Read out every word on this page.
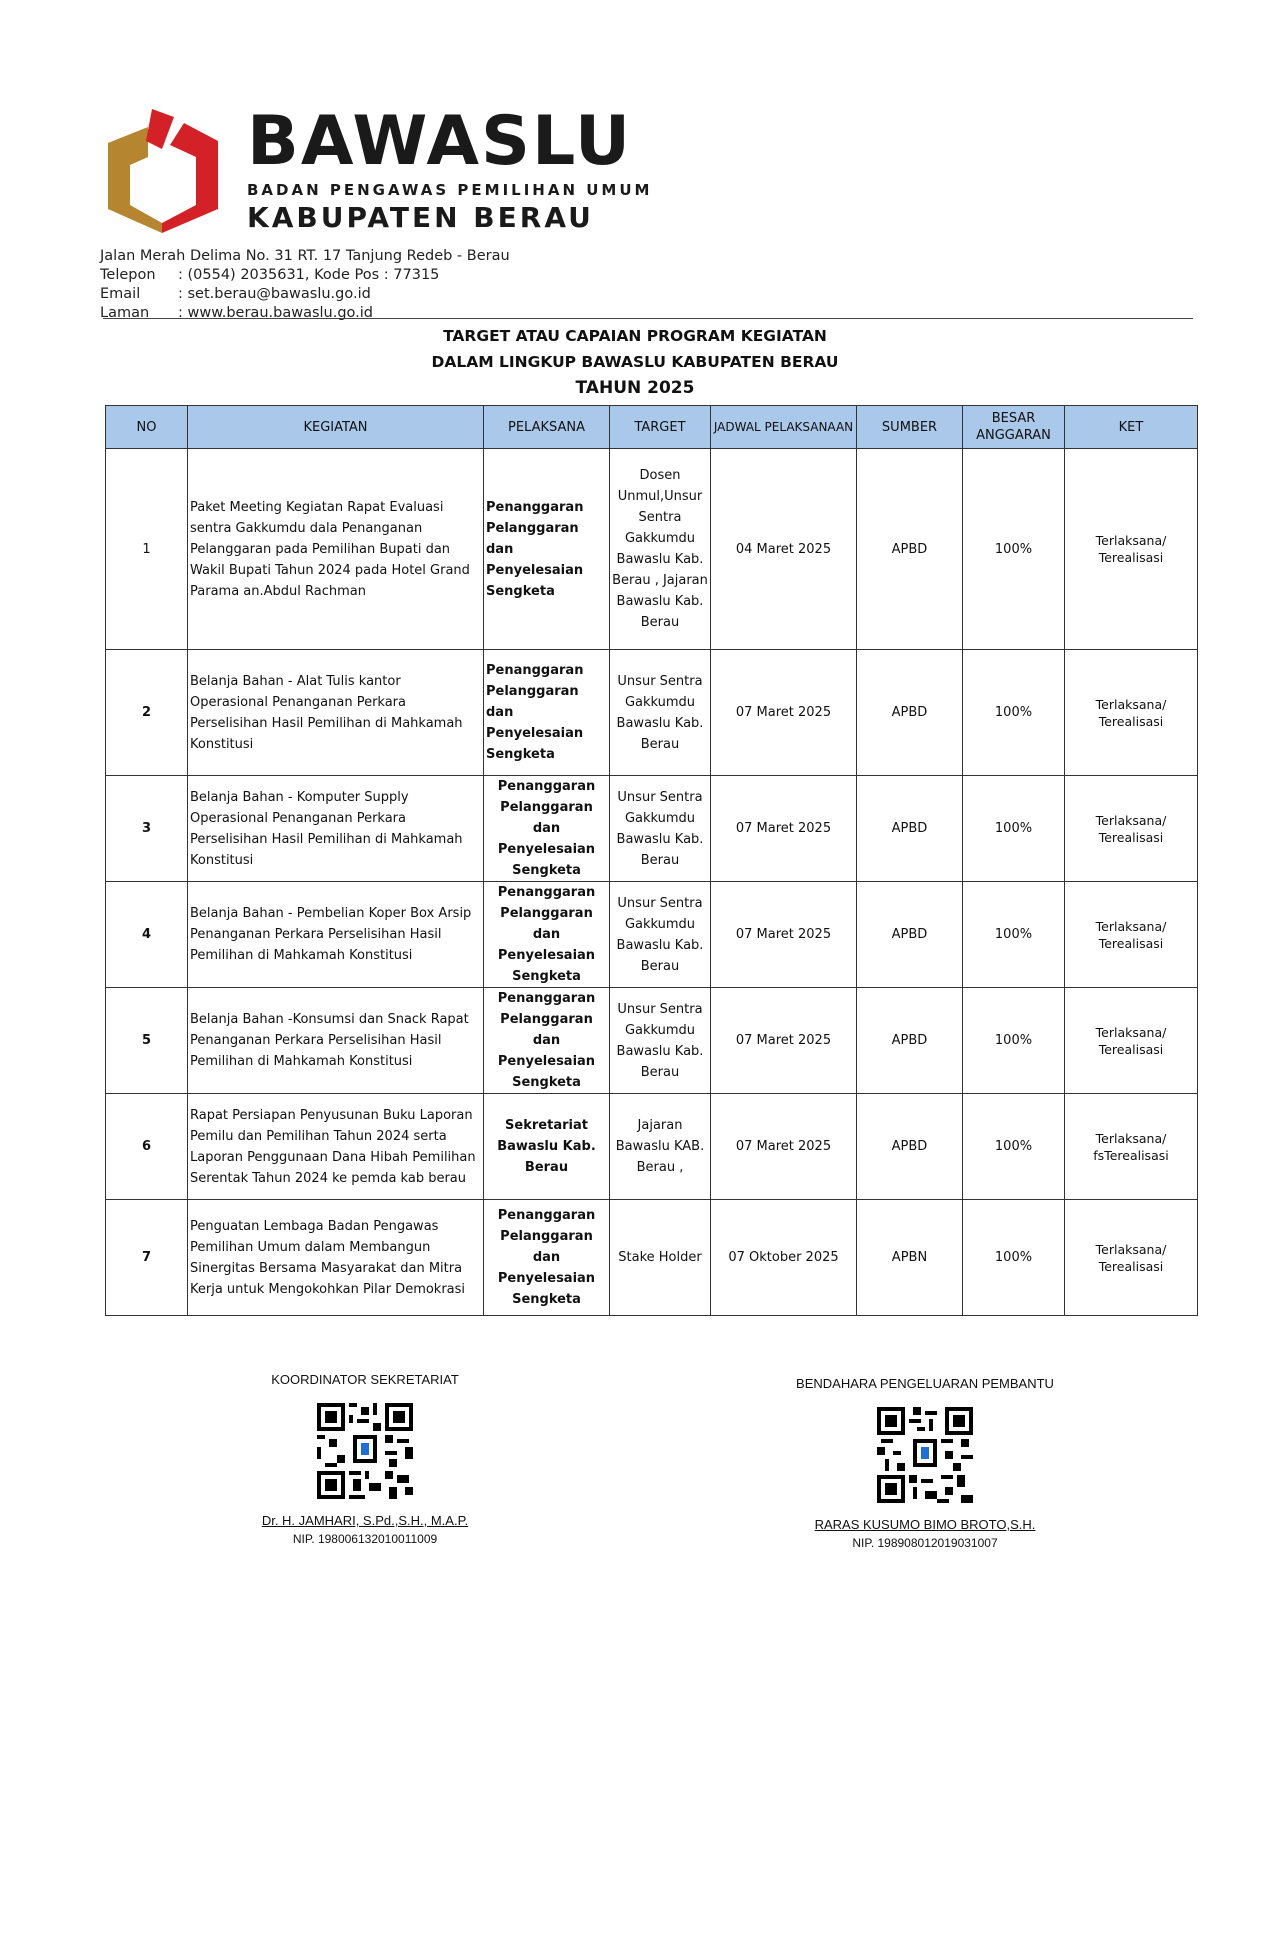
BAWASLU
BADAN PENGAWAS PEMILIHAN UMUM
KABUPATEN BERAU
Jalan Merah Delima No. 31 RT. 17 Tanjung Redeb - Berau
Telepon	: (0554) 2035631, Kode Pos : 77315
Email	: set.berau@bawaslu.go.id
Laman	: www.berau.bawaslu.go.id
TARGET ATAU CAPAIAN PROGRAM KEGIATAN
DALAM LINGKUP BAWASLU KABUPATEN BERAU
TAHUN 2025
NO	KEGIATAN	PELAKSANA	TARGET	JADWAL PELAKSANAAN	SUMBER	BESAR ANGGARAN	KET
1	Paket Meeting Kegiatan Rapat Evaluasi sentra Gakkumdu dala Penanganan Pelanggaran pada Pemilihan Bupati dan Wakil Bupati Tahun 2024 pada Hotel Grand Parama an.Abdul Rachman	Penanggaran Pelanggaran dan Penyelesaian Sengketa	Dosen Unmul,Unsur Sentra Gakkumdu Bawaslu Kab. Berau , Jajaran Bawaslu Kab. Berau	04 Maret 2025	APBD	100%	Terlaksana/ Terealisasi
2	Belanja Bahan - Alat Tulis kantor Operasional Penanganan Perkara Perselisihan Hasil Pemilihan di Mahkamah Konstitusi	Penanggaran Pelanggaran dan Penyelesaian Sengketa	Unsur Sentra Gakkumdu Bawaslu Kab. Berau	07 Maret 2025	APBD	100%	Terlaksana/ Terealisasi
3	Belanja Bahan - Komputer Supply Operasional Penanganan Perkara Perselisihan Hasil Pemilihan di Mahkamah Konstitusi	Penanggaran Pelanggaran dan Penyelesaian Sengketa	Unsur Sentra Gakkumdu Bawaslu Kab. Berau	07 Maret 2025	APBD	100%	Terlaksana/ Terealisasi
4	Belanja Bahan - Pembelian Koper Box Arsip Penanganan Perkara Perselisihan Hasil Pemilihan di Mahkamah Konstitusi	Penanggaran Pelanggaran dan Penyelesaian Sengketa	Unsur Sentra Gakkumdu Bawaslu Kab. Berau	07 Maret 2025	APBD	100%	Terlaksana/ Terealisasi
5	Belanja Bahan -Konsumsi dan Snack Rapat Penanganan Perkara Perselisihan Hasil Pemilihan di Mahkamah Konstitusi	Penanggaran Pelanggaran dan Penyelesaian Sengketa	Unsur Sentra Gakkumdu Bawaslu Kab. Berau	07 Maret 2025	APBD	100%	Terlaksana/ Terealisasi
6	Rapat Persiapan Penyusunan Buku Laporan Pemilu dan Pemilihan Tahun 2024 serta Laporan Penggunaan Dana Hibah Pemilihan Serentak Tahun 2024 ke pemda kab berau	Sekretariat Bawaslu Kab. Berau	Jajaran Bawaslu KAB. Berau ,	07 Maret 2025	APBD	100%	Terlaksana/ fsTerealisasi
7	Penguatan Lembaga Badan Pengawas Pemilihan Umum dalam Membangun Sinergitas Bersama Masyarakat dan Mitra Kerja untuk Mengokohkan Pilar Demokrasi	Penanggaran Pelanggaran dan Penyelesaian Sengketa	Stake Holder	07 Oktober 2025	APBN	100%	Terlaksana/ Terealisasi
KOORDINATOR SEKRETARIAT
Dr. H. JAMHARI, S.Pd.,S.H., M.A.P.
NIP. 198006132010011009
BENDAHARA PENGELUARAN PEMBANTU
RARAS KUSUMO BIMO BROTO,S.H.
NIP. 198908012019031007
